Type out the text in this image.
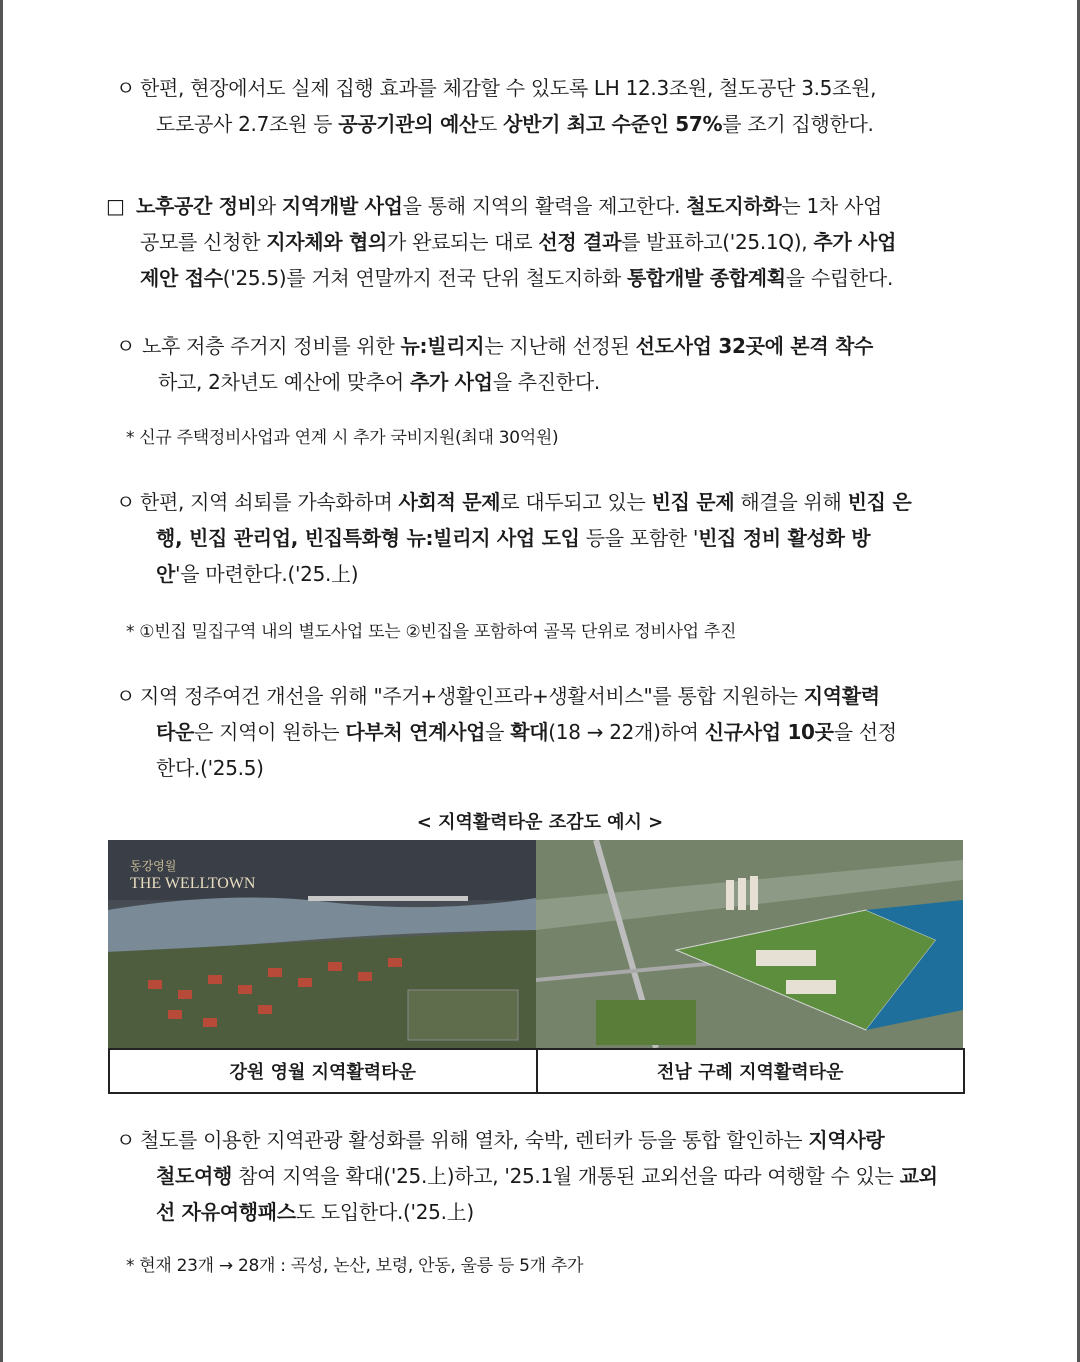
ㅇ 한편, 현장에서도 실제 집행 효과를 체감할 수 있도록 LH 12.3조원, 철도공단 3.5조원,
도로공사 2.7조원 등 공공기관의 예산도 상반기 최고 수준인 57%를 조기 집행한다.
□ 노후공간 정비와 지역개발 사업을 통해 지역의 활력을 제고한다. 철도지하화는 1차 사업
공모를 신청한 지자체와 협의가 완료되는 대로 선정 결과를 발표하고('25.1Q), 추가 사업
제안 접수('25.5)를 거쳐 연말까지 전국 단위 철도지하화 통합개발 종합계획을 수립한다.
ㅇ 노후 저층 주거지 정비를 위한 뉴:빌리지는 지난해 선정된 선도사업 32곳에 본격 착수
하고, 2차년도 예산에 맞추어 추가 사업을 추진한다.
* 신규 주택정비사업과 연계 시 추가 국비지원(최대 30억원)
ㅇ 한편, 지역 쇠퇴를 가속화하며 사회적 문제로 대두되고 있는 빈집 문제 해결을 위해 빈집 은
행, 빈집 관리업, 빈집특화형 뉴:빌리지 사업 도입 등을 포함한 '빈집 정비 활성화 방
안'을 마련한다.('25.上)
* ①빈집 밀집구역 내의 별도사업 또는 ②빈집을 포함하여 골목 단위로 정비사업 추진
ㅇ 지역 정주여건 개선을 위해 "주거+생활인프라+생활서비스"를 통합 지원하는 지역활력
타운은 지역이 원하는 다부처 연계사업을 확대(18 → 22개)하여 신규사업 10곳을 선정
한다.('25.5)
< 지역활력타운 조감도 예시 >
동강영월
THE WELLTOWN
강원 영월 지역활력타운	전남 구례 지역활력타운
ㅇ 철도를 이용한 지역관광 활성화를 위해 열차, 숙박, 렌터카 등을 통합 할인하는 지역사랑
철도여행 참여 지역을 확대('25.上)하고, '25.1월 개통된 교외선을 따라 여행할 수 있는 교외
선 자유여행패스도 도입한다.('25.上)
* 현재 23개 → 28개 : 곡성, 논산, 보령, 안동, 울릉 등 5개 추가
